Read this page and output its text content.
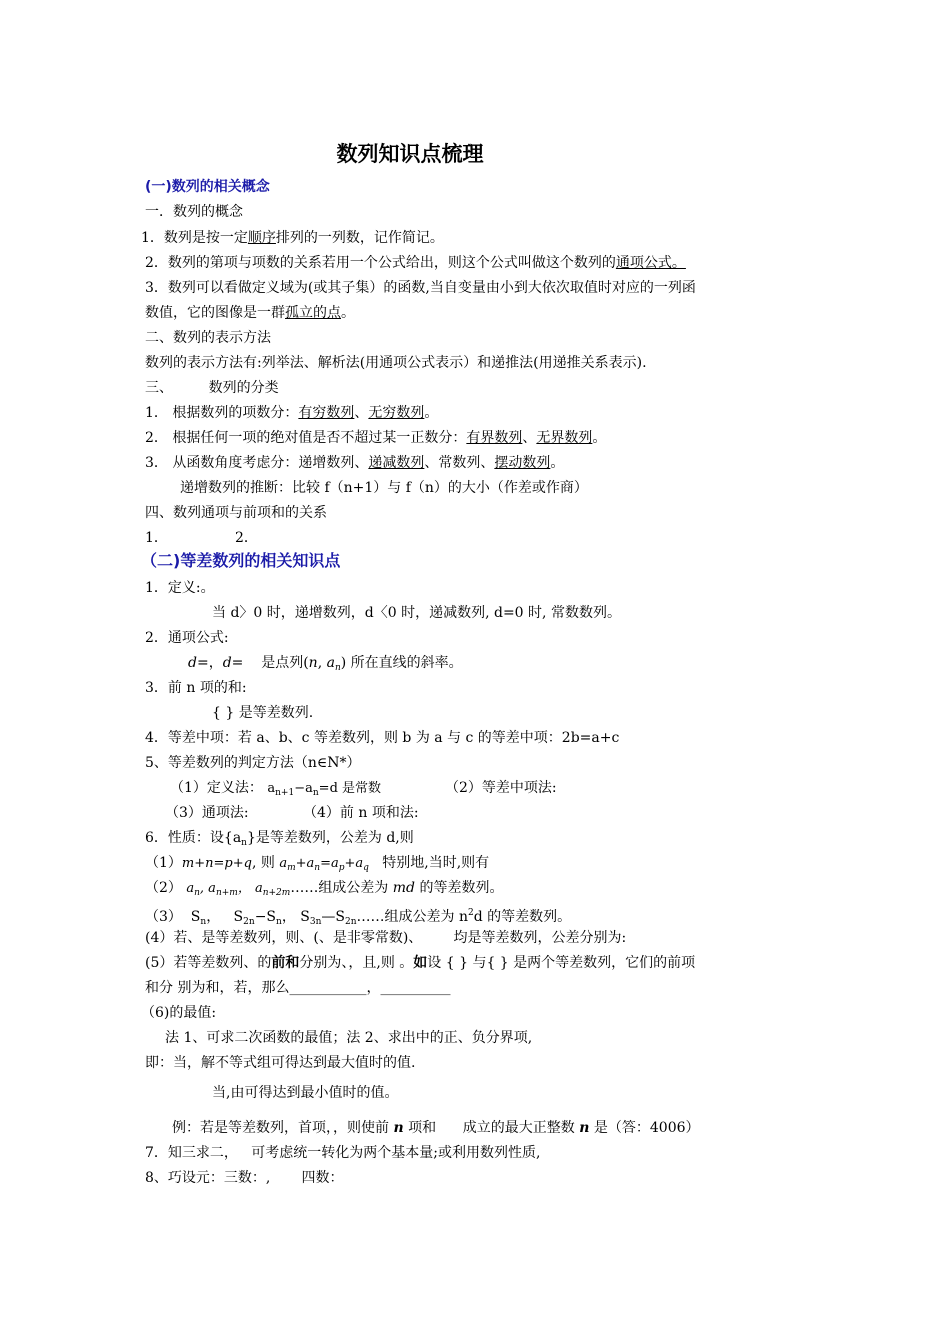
数列知识点梳理
(一)数列的相关概念
一．数列的概念
1．数列是按一定顺序排列的一列数，记作简记。
2．数列的第项与项数的关系若用一个公式给出，则这个公式叫做这个数列的通项公式。
3．数列可以看做定义域为(或其子集）的函数,当自变量由小到大依次取值时对应的一列函
数值，它的图像是一群孤立的点。
二、数列的表示方法
数列的表示方法有:列举法、解析法(用通项公式表示）和递推法(用递推关系表示).
三、        数列的分类
1． 根据数列的项数分：有穷数列、无穷数列。
2． 根据任何一项的绝对值是否不超过某一正数分：有界数列、无界数列。
3． 从函数角度考虑分：递增数列、递减数列、常数列、摆动数列。
递增数列的推断：比较 f（n+1）与 f（n）的大小（作差或作商）
四、数列通项与前项和的关系
1．	2．
（二)等差数列的相关知识点
1．定义:。
当 d〉0 时，递增数列，d〈0 时，递减数列, d=0 时, 常数数列。
2．通项公式:
d=，d=    是点列(n, $a_n$) 所在直线的斜率。
3．前 n 项的和:
{ } 是等差数列.
4．等差中项：若 a、b、c 等差数列，则 b 为 a 与 c 的等差中项：2b=a+c
5、等差数列的判定方法（n∈N*）
（1）定义法： $a_{n+1}-a_n=d$ 是常数	（2）等差中项法:
（3）通项法:	（4）前 n 项和法:
6．性质：设$\{a_n\}$是等差数列，公差为 d,则
（1）m+n=p+q, 则 $a_m+a_n=a_p+a_q$   特别地,当时,则有
（2） $a_n$, $a_{n+m}$， $a_{n+2m}\dots\dots$组成公差为 md 的等差数列。
（3）  $S_n$，   $S_{2n}-S_n$， $S_{3n}—S_{2n}\dots\dots$组成公差为 $n^2d$ 的等差数列。
(4）若、是等差数列，则、(、是非零常数)、       均是等差数列，公差分别为:
(5）若等差数列、的前和分别为、，且,则 。如设 { } 与{ } 是两个等差数列，它们的前项
和分 别为和，若，那么___________，__________
（6)的最值:
法 1、可求二次函数的最值；法 2、求出中的正、负分界项,
即：当，解不等式组可得达到最大值时的值.
当,由可得达到最小值时的值。
例：若是等差数列，首项，，则使前 n 项和      成立的最大正整数 n 是（答：4006）
7．知三求二，   可考虑统一转化为两个基本量;或利用数列性质,
8、巧设元：三数：,       四数：
